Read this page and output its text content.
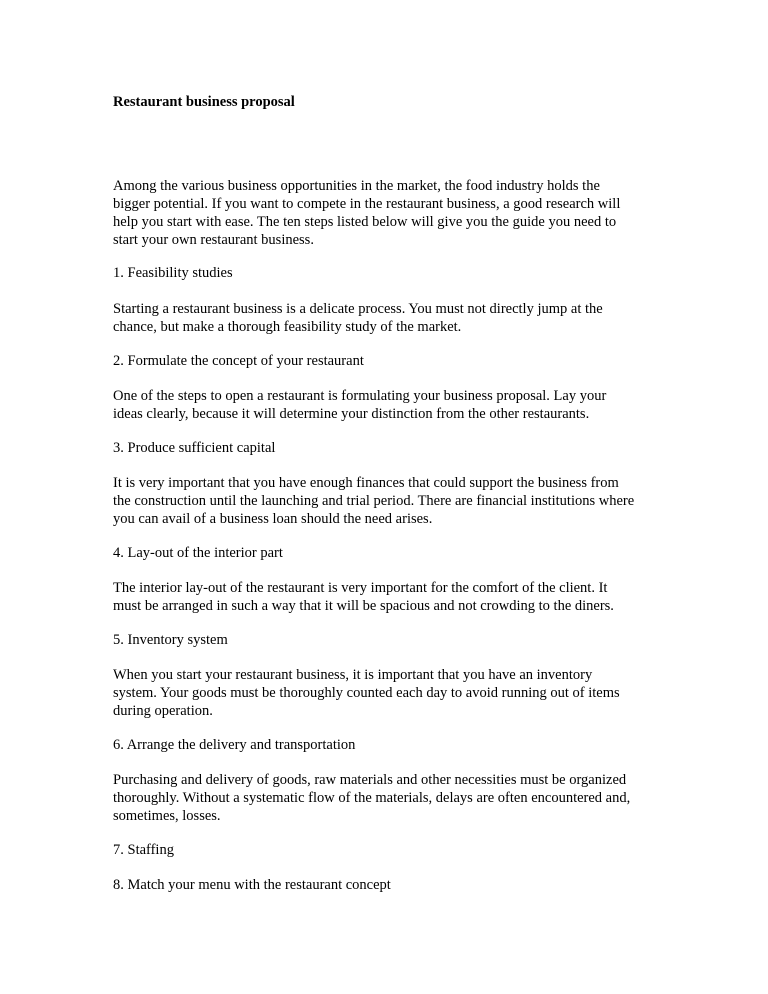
Restaurant business proposal
Among the various business opportunities in the market, the food industry holds the
bigger potential. If you want to compete in the restaurant business, a good research will
help you start with ease. The ten steps listed below will give you the guide you need to
start your own restaurant business.
1. Feasibility studies
Starting a restaurant business is a delicate process. You must not directly jump at the
chance, but make a thorough feasibility study of the market.
2. Formulate the concept of your restaurant
One of the steps to open a restaurant is formulating your business proposal. Lay your
ideas clearly, because it will determine your distinction from the other restaurants.
3. Produce sufficient capital
It is very important that you have enough finances that could support the business from
the construction until the launching and trial period. There are financial institutions where
you can avail of a business loan should the need arises.
4. Lay-out of the interior part
The interior lay-out of the restaurant is very important for the comfort of the client. It
must be arranged in such a way that it will be spacious and not crowding to the diners.
5. Inventory system
When you start your restaurant business, it is important that you have an inventory
system. Your goods must be thoroughly counted each day to avoid running out of items
during operation.
6. Arrange the delivery and transportation
Purchasing and delivery of goods, raw materials and other necessities must be organized
thoroughly. Without a systematic flow of the materials, delays are often encountered and,
sometimes, losses.
7. Staffing
8. Match your menu with the restaurant concept
